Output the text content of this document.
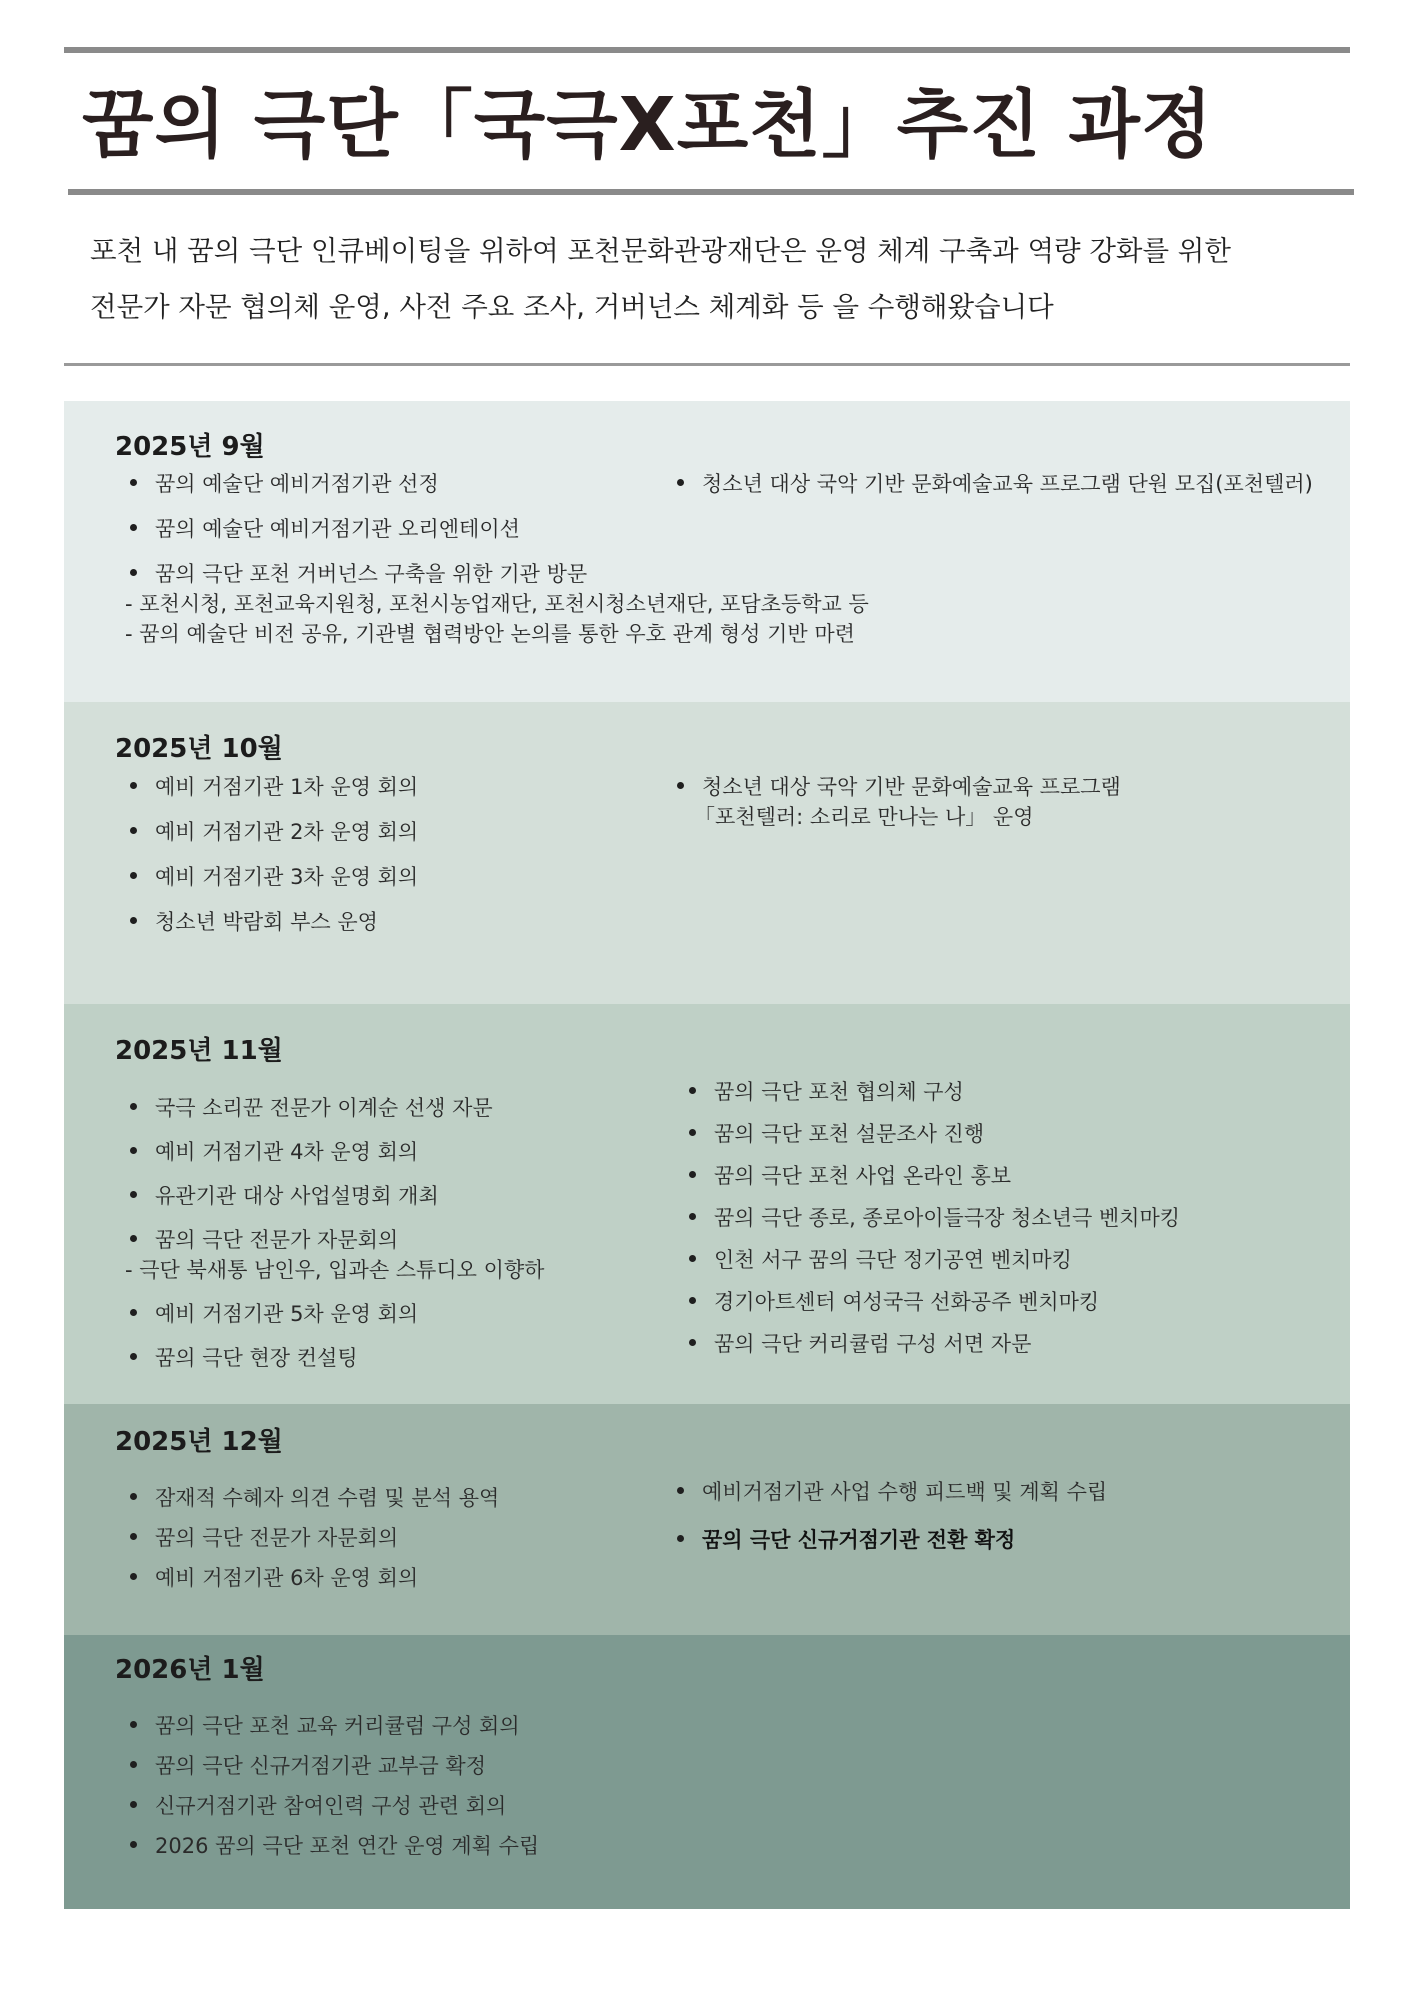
꿈의 극단「국극X포천」추진 과정
포천 내 꿈의 극단 인큐베이팅을 위하여 포천문화관광재단은 운영 체계 구축과 역량 강화를 위한
전문가 자문 협의체 운영, 사전 주요 조사, 거버넌스 체계화 등 을 수행해왔습니다
2025년 9월
꿈의 예술단 예비거점기관 선정
꿈의 예술단 예비거점기관 오리엔테이션
꿈의 극단 포천 거버넌스 구축을 위한 기관 방문
- 포천시청, 포천교육지원청, 포천시농업재단, 포천시청소년재단, 포담초등학교 등
- 꿈의 예술단 비전 공유, 기관별 협력방안 논의를 통한 우호 관계 형성 기반 마련
청소년 대상 국악 기반 문화예술교육 프로그램 단원 모집(포천텔러)
2025년 10월
예비 거점기관 1차 운영 회의
예비 거점기관 2차 운영 회의
예비 거점기관 3차 운영 회의
청소년 박람회 부스 운영
청소년 대상 국악 기반 문화예술교육 프로그램
「포천텔러: 소리로 만나는 나」 운영
2025년 11월
국극 소리꾼 전문가 이계순 선생 자문
예비 거점기관 4차 운영 회의
유관기관 대상 사업설명회 개최
꿈의 극단 전문가 자문회의
- 극단 북새통 남인우, 입과손 스튜디오 이향하
예비 거점기관 5차 운영 회의
꿈의 극단 현장 컨설팅
꿈의 극단 포천 협의체 구성
꿈의 극단 포천 설문조사 진행
꿈의 극단 포천 사업 온라인 홍보
꿈의 극단 종로, 종로아이들극장 청소년극 벤치마킹
인천 서구 꿈의 극단 정기공연 벤치마킹
경기아트센터 여성국극 선화공주 벤치마킹
꿈의 극단 커리큘럼 구성 서면 자문
2025년 12월
잠재적 수혜자 의견 수렴 및 분석 용역
꿈의 극단 전문가 자문회의
예비 거점기관 6차 운영 회의
예비거점기관 사업 수행 피드백 및 계획 수립
꿈의 극단 신규거점기관 전환 확정
2026년 1월
꿈의 극단 포천 교육 커리큘럼 구성 회의
꿈의 극단 신규거점기관 교부금 확정
신규거점기관 참여인력 구성 관련 회의
2026 꿈의 극단 포천 연간 운영 계획 수립
